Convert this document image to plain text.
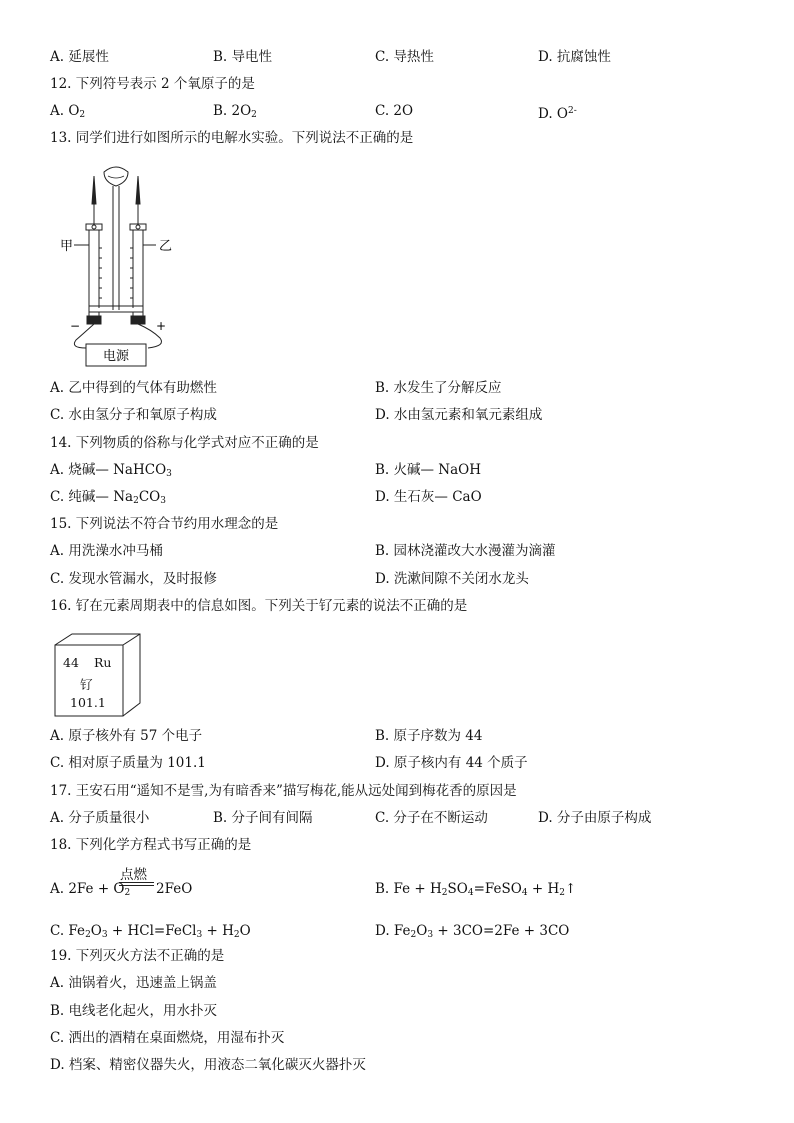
A. 延展性	B. 导电性	C. 导热性	D. 抗腐蚀性
12. 下列符号表示 2 个氧原子的是
A. $O_2$	B. $2O_2$	C. 2O	D. $O^{2-}$
13. 同学们进行如图所示的电解水实验。下列说法不正确的是
甲	乙
−	+
电源
A. 乙中得到的气体有助燃性	B. 水发生了分解反应
C. 水由氢分子和氧原子构成	D. 水由氢元素和氧元素组成
14. 下列物质的俗称与化学式对应不正确的是
A. 烧碱— NaHCO$_3$	B. 火碱— NaOH
C. 纯碱— $Na_2CO_3$	D. 生石灰— CaO
15. 下列说法不符合节约用水理念的是
A. 用洗澡水冲马桶	B. 园林浇灌改大水漫灌为滴灌
C. 发现水管漏水，及时报修	D. 洗漱间隙不关闭水龙头
16. 钌在元素周期表中的信息如图。下列关于钌元素的说法不正确的是
44 Ru
钌
101.1
A. 原子核外有 57 个电子	B. 原子序数为 44
C. 相对原子质量为 101.1	D. 原子核内有 44 个质子
17. 王安石用“遥知不是雪,为有暗香来”描写梅花,能从远处闻到梅花香的原因是
A. 分子质量很小	B. 分子间有间隔	C. 分子在不断运动	D. 分子由原子构成
18. 下列化学方程式书写正确的是
点燃
A. $2Fe + O_2$ 2FeO	B. $Fe + H_2SO_4=FeSO_4$ + $H_2↑$
C. $Fe_2O_3$ + HCl=FeCl$_3$ + $H_2O$	D. $Fe_2O_3 + 3CO=2Fe + 3CO$
19. 下列灭火方法不正确的是
A. 油锅着火，迅速盖上锅盖
B. 电线老化起火，用水扑灭
C. 洒出的酒精在桌面燃烧，用湿布扑灭
D. 档案、精密仪器失火，用液态二氧化碳灭火器扑灭
